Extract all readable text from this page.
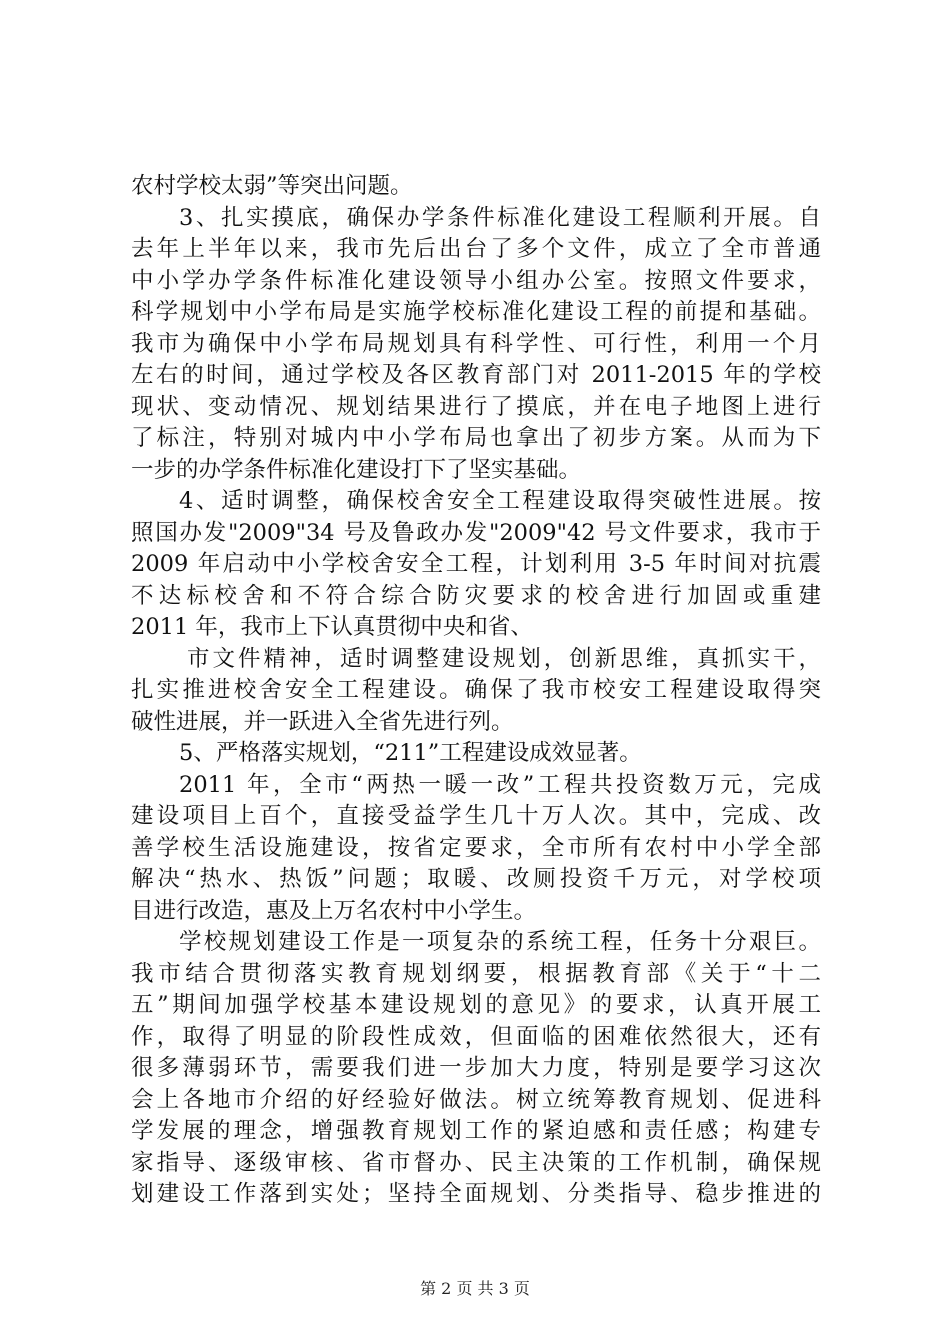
农村学校太弱”等突出问题。
3、扎实摸底，确保办学条件标准化建设工程顺利开展。自
去年上半年以来，我市先后出台了多个文件，成立了全市普通
中小学办学条件标准化建设领导小组办公室。按照文件要求，
科学规划中小学布局是实施学校标准化建设工程的前提和基础。
我市为确保中小学布局规划具有科学性、可行性，利用一个月
左右的时间，通过学校及各区教育部门对 2011-2015 年的学校
现状、变动情况、规划结果进行了摸底，并在电子地图上进行
了标注，特别对城内中小学布局也拿出了初步方案。从而为下
一步的办学条件标准化建设打下了坚实基础。
4、适时调整，确保校舍安全工程建设取得突破性进展。按
照国办发"2009"34 号及鲁政办发"2009"42 号文件要求，我市于
2009 年启动中小学校舍安全工程，计划利用 3-5 年时间对抗震
不达标校舍和不符合综合防灾要求的校舍进行加固或重建
2011 年，我市上下认真贯彻中央和省、
市文件精神，适时调整建设规划，创新思维，真抓实干，
扎实推进校舍安全工程建设。确保了我市校安工程建设取得突
破性进展，并一跃进入全省先进行列。
5、严格落实规划，“211”工程建设成效显著。
2011 年，全市“两热一暖一改”工程共投资数万元，完成
建设项目上百个，直接受益学生几十万人次。其中，完成、改
善学校生活设施建设，按省定要求，全市所有农村中小学全部
解决“热水、热饭”问题；取暖、改厕投资千万元，对学校项
目进行改造，惠及上万名农村中小学生。
学校规划建设工作是一项复杂的系统工程，任务十分艰巨。
我市结合贯彻落实教育规划纲要，根据教育部《关于“十二
五”期间加强学校基本建设规划的意见》的要求，认真开展工
作，取得了明显的阶段性成效，但面临的困难依然很大，还有
很多薄弱环节，需要我们进一步加大力度，特别是要学习这次
会上各地市介绍的好经验好做法。树立统筹教育规划、促进科
学发展的理念，增强教育规划工作的紧迫感和责任感；构建专
家指导、逐级审核、省市督办、民主决策的工作机制，确保规
划建设工作落到实处；坚持全面规划、分类指导、稳步推进的
第 2 页 共 3 页
